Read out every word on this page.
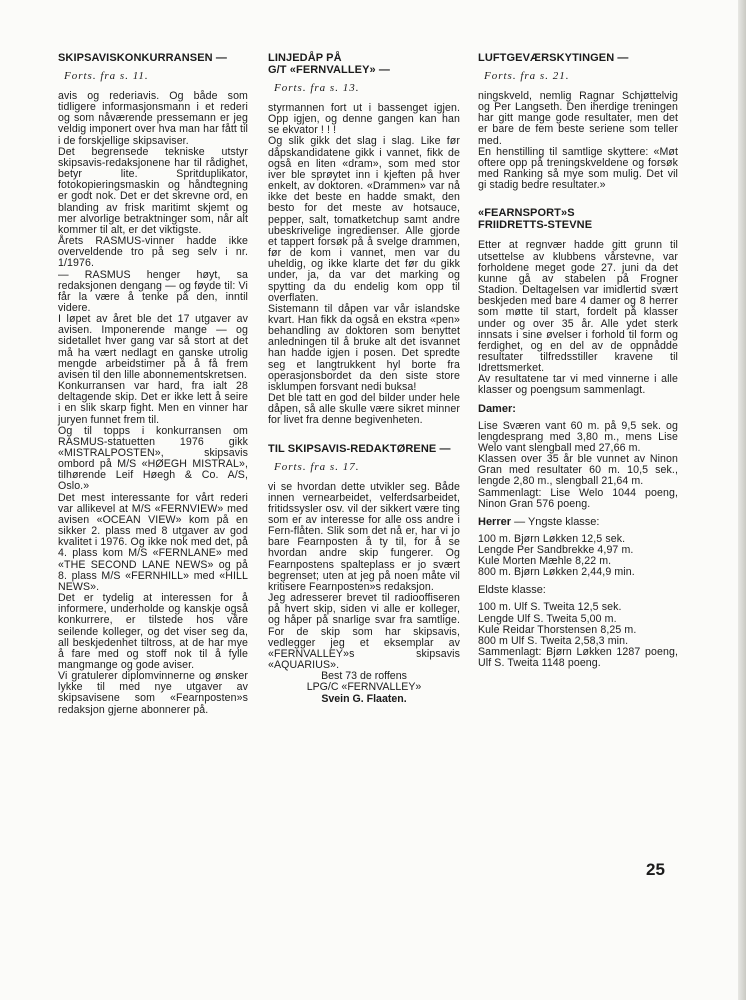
SKIPSAVISKONKURRANSEN —

Forts. fra s. 11.

avis og rederiavis. Og både som tidligere informasjonsmann i et rederi og som nåværende pressemann er jeg veldig imponert over hva man har fått til i de forskjellige skipsaviser.
Det begrensede tekniske utstyr skipsavis-redaksjonene har til rådighet, betyr lite. Spritduplikator, fotokopieringsmaskin og håndtegning er godt nok. Det er det skrevne ord, en blanding av frisk maritimt skjemt og mer alvorlige betraktninger som, når alt kommer til alt, er det viktigste.
Årets RASMUS-vinner hadde ikke overveldende tro på seg selv i nr. 1/1976.
— RASMUS henger høyt, sa redaksjonen dengang — og føyde til: Vi får la være å tenke på den, inntil videre.
I løpet av året ble det 17 utgaver av avisen. Imponerende mange — og sidetallet hver gang var så stort at det må ha vært nedlagt en ganske utrolig mengde arbeidstimer på å få frem avisen til den lille abonnementskretsen.
Konkurransen var hard, fra ialt 28 deltagende skip. Det er ikke lett å seire i en slik skarp fight. Men en vinner har juryen funnet frem til.
Og til topps i konkurransen om RASMUS-statuetten 1976 gikk «MISTRALPOSTEN», skipsavis ombord på M/S «HØEGH MISTRAL», tilhørende Leif Høegh & Co. A/S, Oslo.»
Det mest interessante for vårt rederi var allikevel at M/S «FERNVIEW» med avisen «OCEAN VIEW» kom på en sikker 2. plass med 8 utgaver av god kvalitet i 1976. Og ikke nok med det, på 4. plass kom M/S «FERNLANE» med «THE SECOND LANE NEWS» og på 8. plass M/S «FERNHILL» med «HILL NEWS».
Det er tydelig at interessen for å informere, underholde og kanskje også konkurrere, er tilstede hos våre seilende kolleger, og det viser seg da, all beskjedenhet tiltross, at de har mye å fare med og stoff nok til å fylle mangmange og gode aviser.
Vi gratulerer diplomvinnerne og ønsker lykke til med nye utgaver av skipsavisene som «Fearnposten»s redaksjon gjerne abonnerer på.

LINJEDÅP PÅ
G/T «FERNVALLEY» —

Forts. fra s. 13.

styrmannen fort ut i bassenget igjen. Opp igjen, og denne gangen kan han se ekvator ! ! !
Og slik gikk det slag i slag. Like før dåpskandidatene gikk i vannet, fikk de også en liten «dram», som med stor iver ble sprøytet inn i kjeften på hver enkelt, av doktoren. «Drammen» var nå ikke det beste en hadde smakt, den besto for det meste av hotsauce, pepper, salt, tomatketchup samt andre ubeskrivelige ingredienser. Alle gjorde et tappert forsøk på å svelge drammen, før de kom i vannet, men var du uheldig, og ikke klarte det før du gikk under, ja, da var det marking og spytting da du endelig kom opp til overflaten.
Sistemann til dåpen var vår islandske kvart. Han fikk da også en ekstra «pen» behandling av doktoren som benyttet anledningen til å bruke alt det isvannet han hadde igjen i posen. Det spredte seg et langtrukkent hyl borte fra operasjonsbordet da den siste store isklumpen forsvant nedi buksa!
Det ble tatt en god del bilder under hele dåpen, så alle skulle være sikret minner for livet fra denne begivenheten.

TIL SKIPSAVIS-REDAKTØRENE —

Forts. fra s. 17.

vi se hvordan dette utvikler seg. Både innen vernearbeidet, velferdsarbeidet, fritidssysler osv. vil der sikkert være ting som er av interesse for alle oss andre i Fern-flåten. Slik som det nå er, har vi jo bare Fearnposten å ty til, for å se hvordan andre skip fungerer. Og Fearnpostens spalteplass er jo svært begrenset; uten at jeg på noen måte vil kritisere Fearnposten»s redaksjon.
Jeg adresserer brevet til radiooffiseren på hvert skip, siden vi alle er kolleger, og håper på snarlige svar fra samtlige. For de skip som har skipsavis, vedlegger jeg et eksemplar av «FERNVALLEY»s skipsavis «AQUARIUS».

Best 73 de roffens

LPG/C «FERNVALLEY»

Svein G. Flaaten.

LUFTGEVÆRSKYTINGEN —

Forts. fra s. 21.

ningskveld, nemlig Ragnar Schjøttelvig og Per Langseth. Den iherdige treningen har gitt mange gode resultater, men det er bare de fem beste seriene som teller med.
En henstilling til samtlige skyttere: «Møt oftere opp på treningskveldene og forsøk med Ranking så mye som mulig. Det vil gi stadig bedre resultater.»

«FEARNSPORT»S
FRIIDRETTS-STEVNE

Etter at regnvær hadde gitt grunn til utsettelse av klubbens vårstevne, var forholdene meget gode 27. juni da det kunne gå av stabelen på Frogner Stadion. Deltagelsen var imidlertid svært beskjeden med bare 4 damer og 8 herrer som møtte til start, fordelt på klasser under og over 35 år. Alle ydet sterk innsats i sine øvelser i forhold til form og ferdighet, og en del av de oppnådde resultater tilfredsstiller kravene til Idrettsmerket.
Av resultatene tar vi med vinnerne i alle klasser og poengsum sammenlagt.

Damer:

Lise Sværen vant 60 m. på 9,5 sek. og lengdesprang med 3,80 m., mens Lise Welo vant slengball med 27,66 m.
Klassen over 35 år ble vunnet av Ninon Gran med resultater 60 m. 10,5 sek., lengde 2,80 m., slengball 21,64 m.
Sammenlagt: Lise Welo 1044 poeng, Ninon Gran 576 poeng.

Herrer — Yngste klasse:

100 m. Bjørn Løkken 12,5 sek.
Lengde Per Sandbrekke 4,97 m.
Kule Morten Mæhle 8,22 m.
800 m. Bjørn Løkken 2,44,9 min.

Eldste klasse:

100 m. Ulf S. Tweita 12,5 sek.
Lengde Ulf S. Tweita 5,00 m.
Kule Reidar Thorstensen 8,25 m.
800 m Ulf S. Tweita 2,58,3 min.
Sammenlagt: Bjørn Løkken 1287 poeng, Ulf S. Tweita 1148 poeng.

25
